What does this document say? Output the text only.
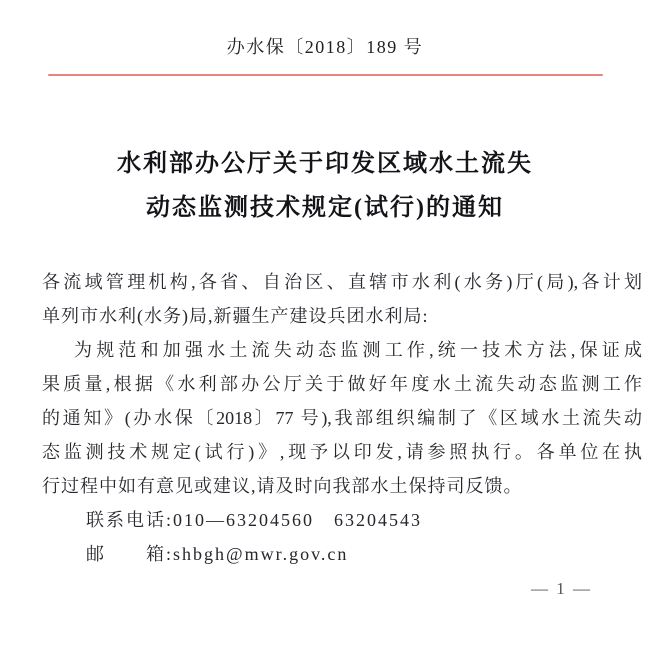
办水保〔2018〕189 号
水利部办公厅关于印发区域水土流失
动态监测技术规定(试行)的通知
各流域管理机构,各省、自治区、直辖市水利(水务)厅(局),各计划
单列市水利(水务)局,新疆生产建设兵团水利局:
为规范和加强水土流失动态监测工作,统一技术方法,保证成
果质量,根据《水利部办公厅关于做好年度水土流失动态监测工作
的通知》(办水保〔2018〕77 号),我部组织编制了《区域水土流失动
态监测技术规定(试行)》,现予以印发,请参照执行。各单位在执
行过程中如有意见或建议,请及时向我部水土保持司反馈。
联系电话:010—63204560　63204543
邮　　箱:shbgh@mwr.gov.cn
— 1 —
